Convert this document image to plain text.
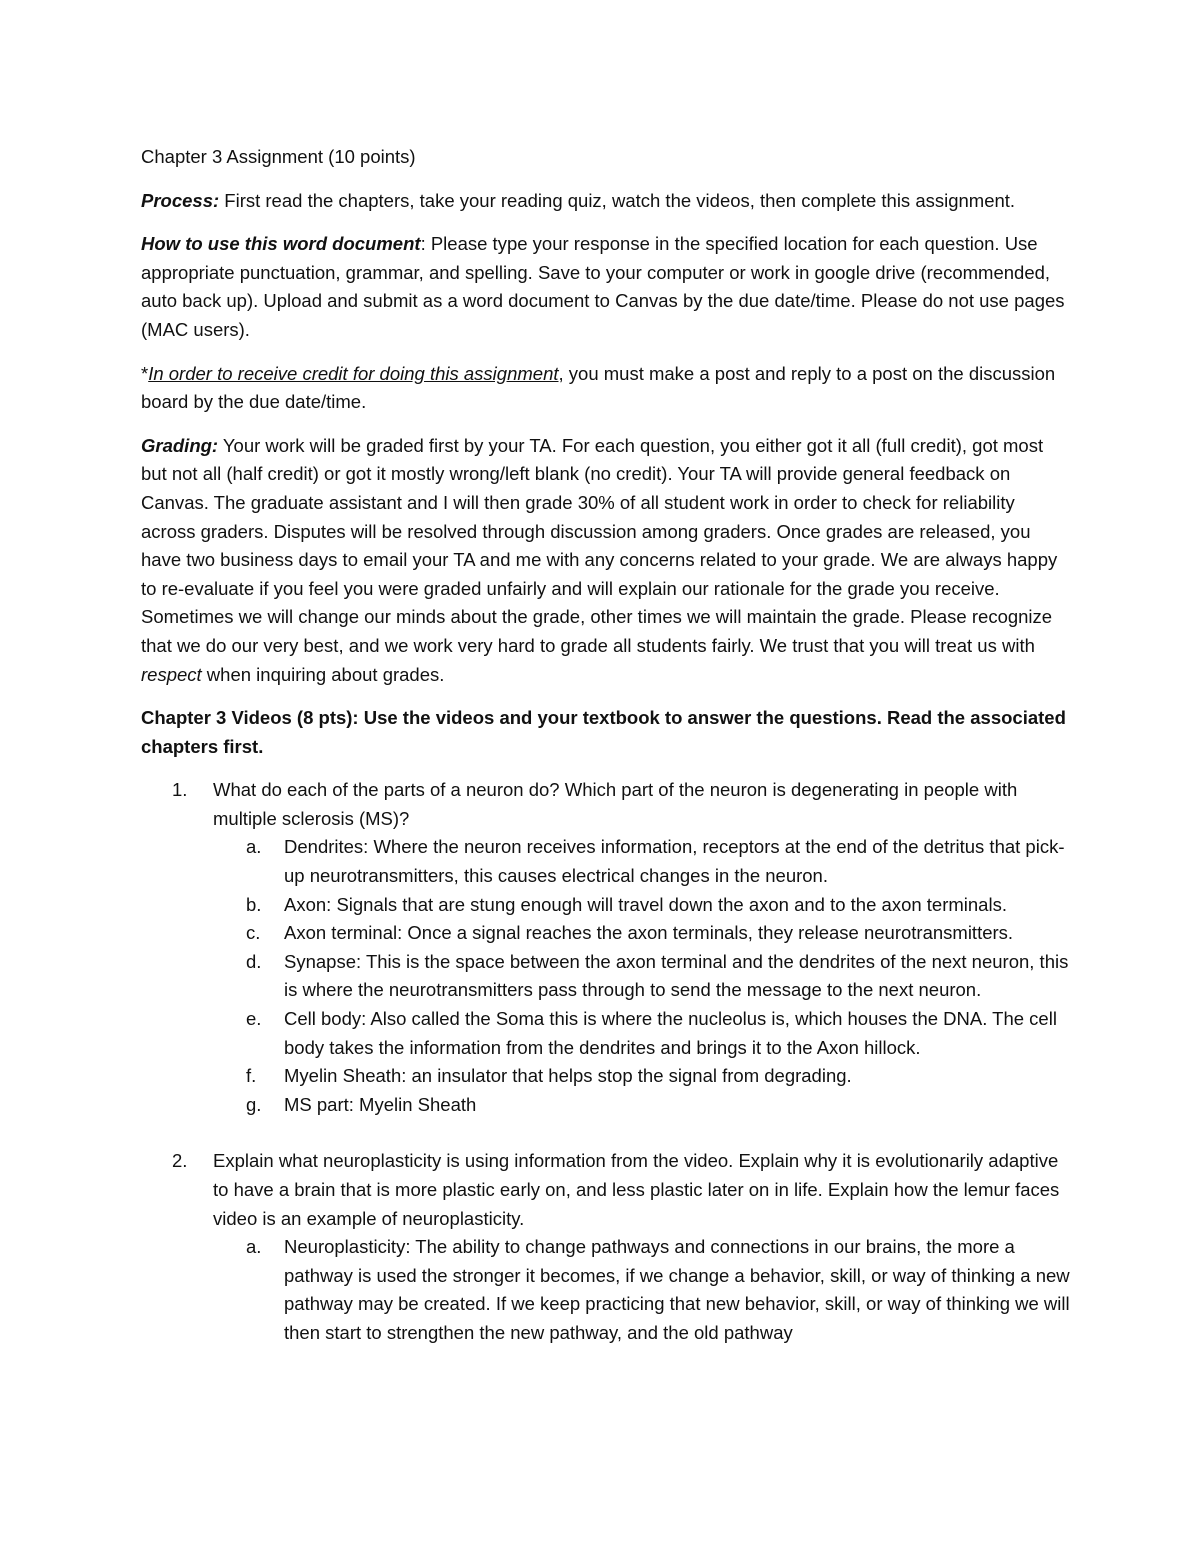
Chapter 3 Assignment (10 points)

Process: First read the chapters, take your reading quiz, watch the videos, then complete this assignment.

How to use this word document: Please type your response in the specified location for each question. Use appropriate punctuation, grammar, and spelling. Save to your computer or work in google drive (recommended, auto back up). Upload and submit as a word document to Canvas by the due date/time. Please do not use pages (MAC users).

*In order to receive credit for doing this assignment, you must make a post and reply to a post on the discussion board by the due date/time.

Grading: Your work will be graded first by your TA. For each question, you either got it all (full credit), got most but not all (half credit) or got it mostly wrong/left blank (no credit). Your TA will provide general feedback on Canvas. The graduate assistant and I will then grade 30% of all student work in order to check for reliability across graders. Disputes will be resolved through discussion among graders. Once grades are released, you have two business days to email your TA and me with any concerns related to your grade. We are always happy to re-evaluate if you feel you were graded unfairly and will explain our rationale for the grade you receive. Sometimes we will change our minds about the grade, other times we will maintain the grade. Please recognize that we do our very best, and we work very hard to grade all students fairly. We trust that you will treat us with respect when inquiring about grades.

Chapter 3 Videos (8 pts): Use the videos and your textbook to answer the questions. Read the associated chapters first.

1. What do each of the parts of a neuron do? Which part of the neuron is degenerating in people with multiple sclerosis (MS)?
a. Dendrites: Where the neuron receives information, receptors at the end of the detritus that pick-up neurotransmitters, this causes electrical changes in the neuron.
b. Axon: Signals that are stung enough will travel down the axon and to the axon terminals.
c. Axon terminal: Once a signal reaches the axon terminals, they release neurotransmitters.
d. Synapse: This is the space between the axon terminal and the dendrites of the next neuron, this is where the neurotransmitters pass through to send the message to the next neuron.
e. Cell body: Also called the Soma this is where the nucleolus is, which houses the DNA. The cell body takes the information from the dendrites and brings it to the Axon hillock.
f. Myelin Sheath: an insulator that helps stop the signal from degrading.
g. MS part: Myelin Sheath
2. Explain what neuroplasticity is using information from the video. Explain why it is evolutionarily adaptive to have a brain that is more plastic early on, and less plastic later on in life. Explain how the lemur faces video is an example of neuroplasticity.
a. Neuroplasticity: The ability to change pathways and connections in our brains, the more a pathway is used the stronger it becomes, if we change a behavior, skill, or way of thinking a new pathway may be created. If we keep practicing that new behavior, skill, or way of thinking we will then start to strengthen the new pathway, and the old pathway
